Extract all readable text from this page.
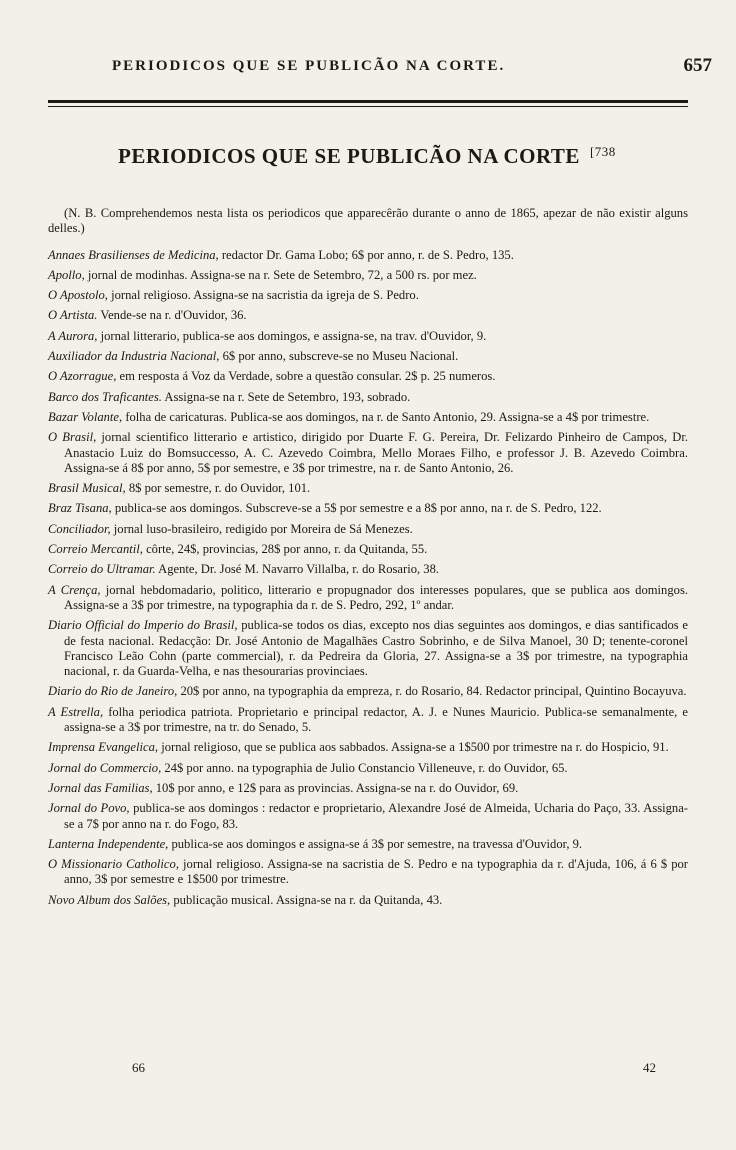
PERIODICOS QUE SE PUBLICÃO NA CORTE.	657
PERIODICOS QUE SE PUBLICÃO NA CORTE $^{[738}$

(N. B. Comprehendemos nesta lista os periodicos que apparecêrão durante o anno de 1865, apezar de não existir alguns delles.)

Annaes Brasilienses de Medicina, redactor Dr. Gama Lobo; 6$ por anno, r. de S. Pedro, 135.

Apollo, jornal de modinhas. Assigna-se na r. Sete de Setembro, 72, a 500 rs. por mez.

O Apostolo, jornal religioso. Assigna-se na sacristia da igreja de S. Pedro.

O Artista. Vende-se na r. d'Ouvidor, 36.

A Aurora, jornal litterario, publica-se aos domingos, e assigna-se, na trav. d'Ouvidor, 9.

Auxiliador da Industria Nacional, 6$ por anno, subscreve-se no Museu Nacional.

O Azorrague, em resposta á Voz da Verdade, sobre a questão consular. 2$ p. 25 numeros.

Barco dos Traficantes. Assigna-se na r. Sete de Setembro, 193, sobrado.

Bazar Volante, folha de caricaturas. Publica-se aos domingos, na r. de Santo Antonio, 29. Assigna-se a 4$ por trimestre.

O Brasil, jornal scientifico litterario e artistico, dirigido por Duarte F. G. Pereira, Dr. Felizardo Pinheiro de Campos, Dr. Anastacio Luiz do Bomsuccesso, A. C. Azevedo Coimbra, Mello Moraes Filho, e professor J. B. Azevedo Coimbra. Assigna-se á 8$ por anno, 5$ por semestre, e 3$ por trimestre, na r. de Santo Antonio, 26.

Brasil Musical, 8$ por semestre, r. do Ouvidor, 101.

Braz Tisana, publica-se aos domingos. Subscreve-se a 5$ por semestre e a 8$ por anno, na r. de S. Pedro, 122.

Conciliador, jornal luso-brasileiro, redigido por Moreira de Sá Menezes.

Correio Mercantil, côrte, 24$, provincias, 28$ por anno, r. da Quitanda, 55.

Correio do Ultramar. Agente, Dr. José M. Navarro Villalba, r. do Rosario, 38.

A Crença, jornal hebdomadario, politico, litterario e propugnador dos interesses populares, que se publica aos domingos. Assigna-se a 3$ por trimestre, na typographia da r. de S. Pedro, 292, 1º andar.

Diario Official do Imperio do Brasil, publica-se todos os dias, excepto nos dias seguintes aos domingos, e dias santificados e de festa nacional. Redacção: Dr. José Antonio de Magalhães Castro Sobrinho, e de Silva Manoel, 30 D; tenente-coronel Francisco Leão Cohn (parte commercial), r. da Pedreira da Gloria, 27. Assigna-se a 3$ por trimestre, na typographia nacional, r. da Guarda-Velha, e nas thesourarias provinciaes.

Diario do Rio de Janeiro, 20$ por anno, na typographia da empreza, r. do Rosario, 84. Redactor principal, Quintino Bocayuva.

A Estrella, folha periodica patriota. Proprietario e principal redactor, A. J. e Nunes Mauricio. Publica-se semanalmente, e assigna-se a 3$ por trimestre, na tr. do Senado, 5.

Imprensa Evangelica, jornal religioso, que se publica aos sabbados. Assigna-se a 1$500 por trimestre na r. do Hospicio, 91.

Jornal do Commercio, 24$ por anno. na typographia de Julio Constancio Villeneuve, r. do Ouvidor, 65.

Jornal das Familias, 10$ por anno, e 12$ para as provincias. Assigna-se na r. do Ouvidor, 69.

Jornal do Povo, publica-se aos domingos : redactor e proprietario, Alexandre José de Almeida, Ucharia do Paço, 33. Assigna-se a 7$ por anno na r. do Fogo, 83.

Lanterna Independente, publica-se aos domingos e assigna-se á 3$ por semestre, na travessa d'Ouvidor, 9.

O Missionario Catholico, jornal religioso. Assigna-se na sacristia de S. Pedro e na typographia da r. d'Ajuda, 106, á 6 $ por anno, 3$ por semestre e 1$500 por trimestre.

Novo Album dos Salões, publicação musical. Assigna-se na r. da Quitanda, 43.

66	42
